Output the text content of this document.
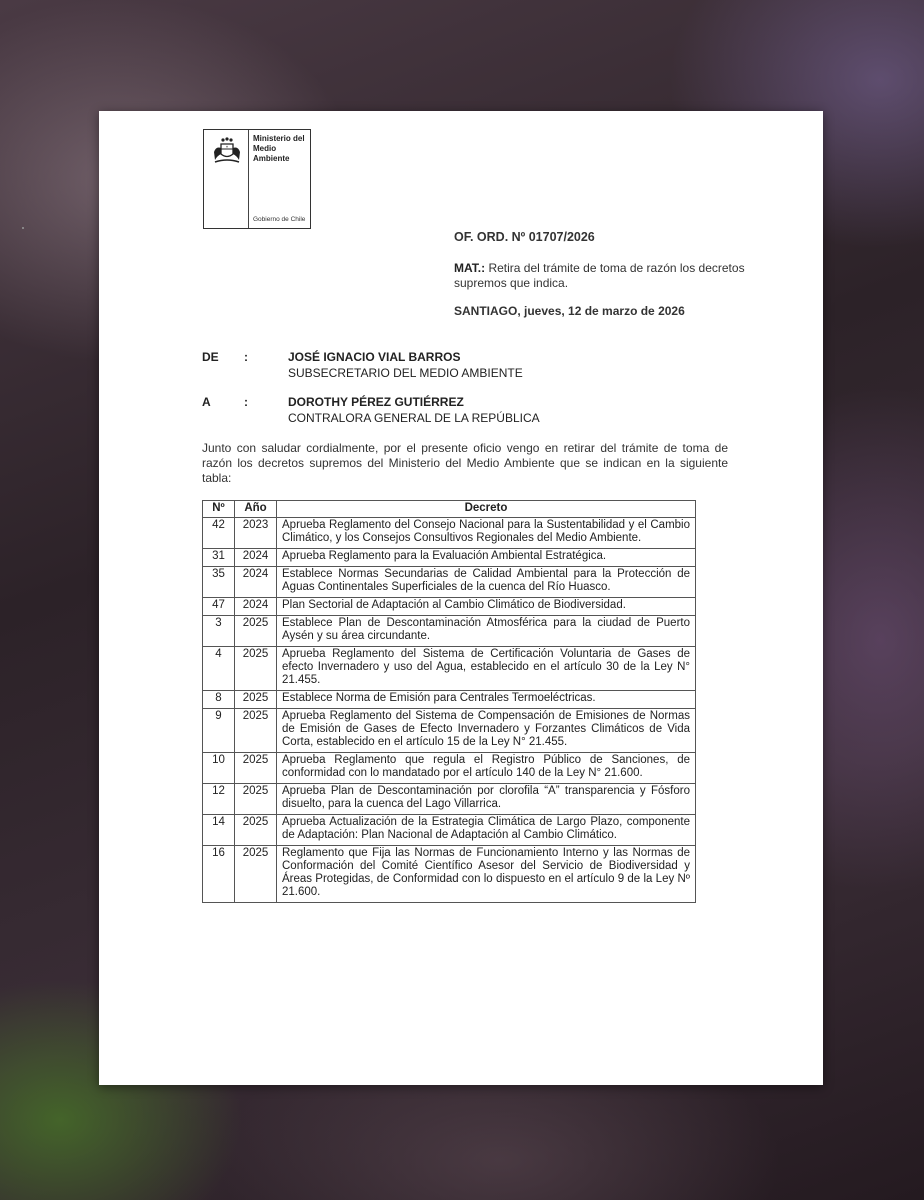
Ministerio del
Medio
Ambiente
Gobierno de Chile
OF. ORD. Nº 01707/2026
MAT.: Retira del trámite de toma de razón los decretos supremos que indica.
SANTIAGO, jueves, 12 de marzo de 2026
DE :	JOSÉ IGNACIO VIAL BARROS
SUBSECRETARIO DEL MEDIO AMBIENTE
A	:	DOROTHY PÉREZ GUTIÉRREZ
CONTRALORA GENERAL DE LA REPÚBLICA
Junto con saludar cordialmente, por el presente oficio vengo en retirar del trámite de toma de razón los decretos supremos del Ministerio del Medio Ambiente que se indican en la siguiente tabla:
Nº	Año	Decreto
42	2023	Aprueba Reglamento del Consejo Nacional para la Sustentabilidad y el Cambio Climático, y los Consejos Consultivos Regionales del Medio Ambiente.
31	2024	Aprueba Reglamento para la Evaluación Ambiental Estratégica.
35	2024	Establece Normas Secundarias de Calidad Ambiental para la Protección de Aguas Continentales Superficiales de la cuenca del Río Huasco.
47	2024	Plan Sectorial de Adaptación al Cambio Climático de Biodiversidad.
3	2025	Establece Plan de Descontaminación Atmosférica para la ciudad de Puerto Aysén y su área circundante.
4	2025	Aprueba Reglamento del Sistema de Certificación Voluntaria de Gases de efecto Invernadero y uso del Agua, establecido en el artículo 30 de la Ley N° 21.455.
8	2025	Establece Norma de Emisión para Centrales Termoeléctricas.
9	2025	Aprueba Reglamento del Sistema de Compensación de Emisiones de Normas de Emisión de Gases de Efecto Invernadero y Forzantes Climáticos de Vida Corta, establecido en el artículo 15 de la Ley N° 21.455.
10	2025	Aprueba Reglamento que regula el Registro Público de Sanciones, de conformidad con lo mandatado por el artículo 140 de la Ley N° 21.600.
12	2025	Aprueba Plan de Descontaminación por clorofila “A” transparencia y Fósforo disuelto, para la cuenca del Lago Villarrica.
14	2025	Aprueba Actualización de la Estrategia Climática de Largo Plazo, componente de Adaptación: Plan Nacional de Adaptación al Cambio Climático.
16	2025	Reglamento que Fija las Normas de Funcionamiento Interno y las Normas de Conformación del Comité Científico Asesor del Servicio de Biodiversidad y Áreas Protegidas, de Conformidad con lo dispuesto en el artículo 9 de la Ley Nº 21.600.
